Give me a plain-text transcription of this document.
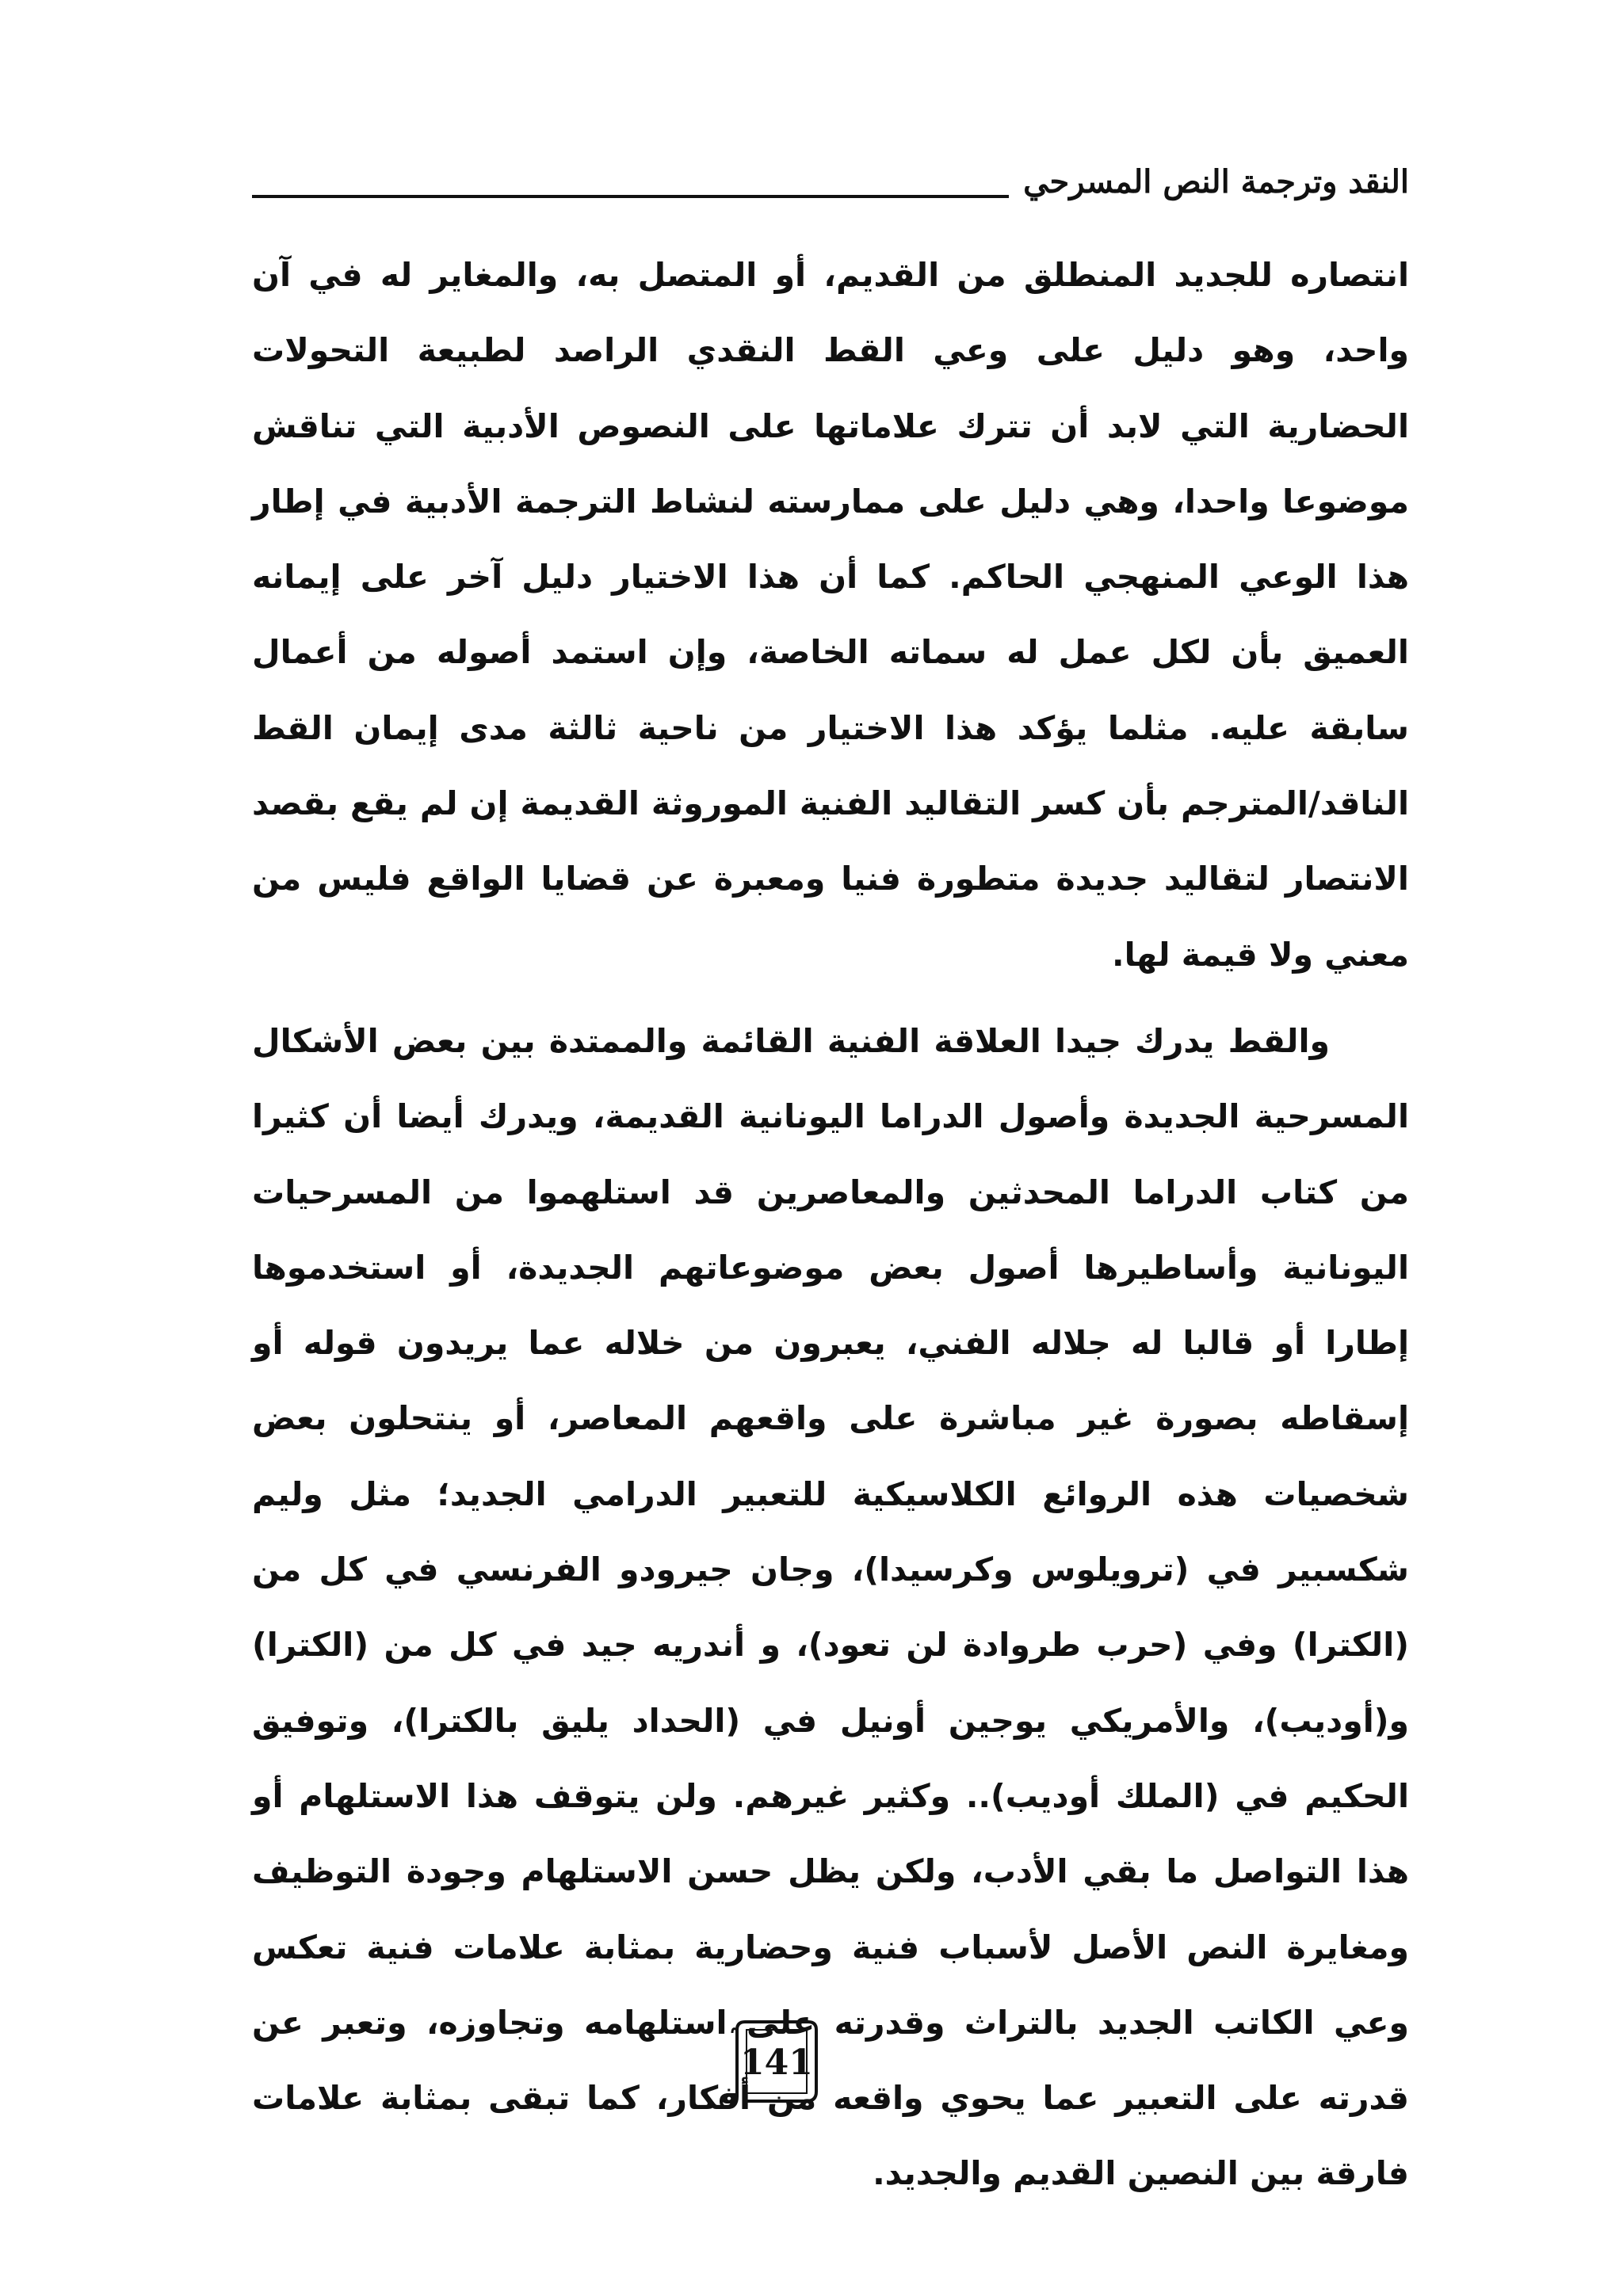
النقد وترجمة النص المسرحي

انتصاره للجديد المنطلق من القديم، أو المتصل به، والمغاير له في آن واحد، وهو دليل على وعي القط النقدي الراصد لطبيعة التحولات الحضارية التي لابد أن تترك علاماتها على النصوص الأدبية التي تناقش موضوعا واحدا، وهي دليل على ممارسته لنشاط الترجمة الأدبية في إطار هذا الوعي المنهجي الحاكم. كما أن هذا الاختيار دليل آخر على إيمانه العميق بأن لكل عمل له سماته الخاصة، وإن استمد أصوله من أعمال سابقة عليه. مثلما يؤكد هذا الاختيار من ناحية ثالثة مدى إيمان القط الناقد/المترجم بأن كسر التقاليد الفنية الموروثة القديمة إن لم يقع بقصد الانتصار لتقاليد جديدة متطورة فنيا ومعبرة عن قضايا الواقع فليس من معني ولا قيمة لها.

والقط يدرك جيدا العلاقة الفنية القائمة والممتدة بين بعض الأشكال المسرحية الجديدة وأصول الدراما اليونانية القديمة، ويدرك أيضا أن كثيرا من كتاب الدراما المحدثين والمعاصرين قد استلهموا من المسرحيات اليونانية وأساطيرها أصول بعض موضوعاتهم الجديدة، أو استخدموها إطارا أو قالبا له جلاله الفني، يعبرون من خلاله عما يريدون قوله أو إسقاطه بصورة غير مباشرة على واقعهم المعاصر، أو ينتحلون بعض شخصيات هذه الروائع الكلاسيكية للتعبير الدرامي الجديد؛ مثل وليم شكسبير في (ترويلوس وكرسيدا)، وجان جيرودو الفرنسي في كل من (الكترا) وفي (حرب طروادة لن تعود)، و أندريه جيد في كل من (الكترا) و(أوديب)، والأمريكي يوجين أونيل في (الحداد يليق بالكترا)، وتوفيق الحكيم في (الملك أوديب).. وكثير غيرهم. ولن يتوقف هذا الاستلهام أو هذا التواصل ما بقي الأدب، ولكن يظل حسن الاستلهام وجودة التوظيف ومغايرة النص الأصل لأسباب فنية وحضارية بمثابة علامات فنية تعكس وعي الكاتب الجديد بالتراث وقدرته على استلهامه وتجاوزه، وتعبر عن قدرته على التعبير عما يحوي واقعه من أفكار، كما تبقى بمثابة علامات فارقة بين النصين القديم والجديد.

141
